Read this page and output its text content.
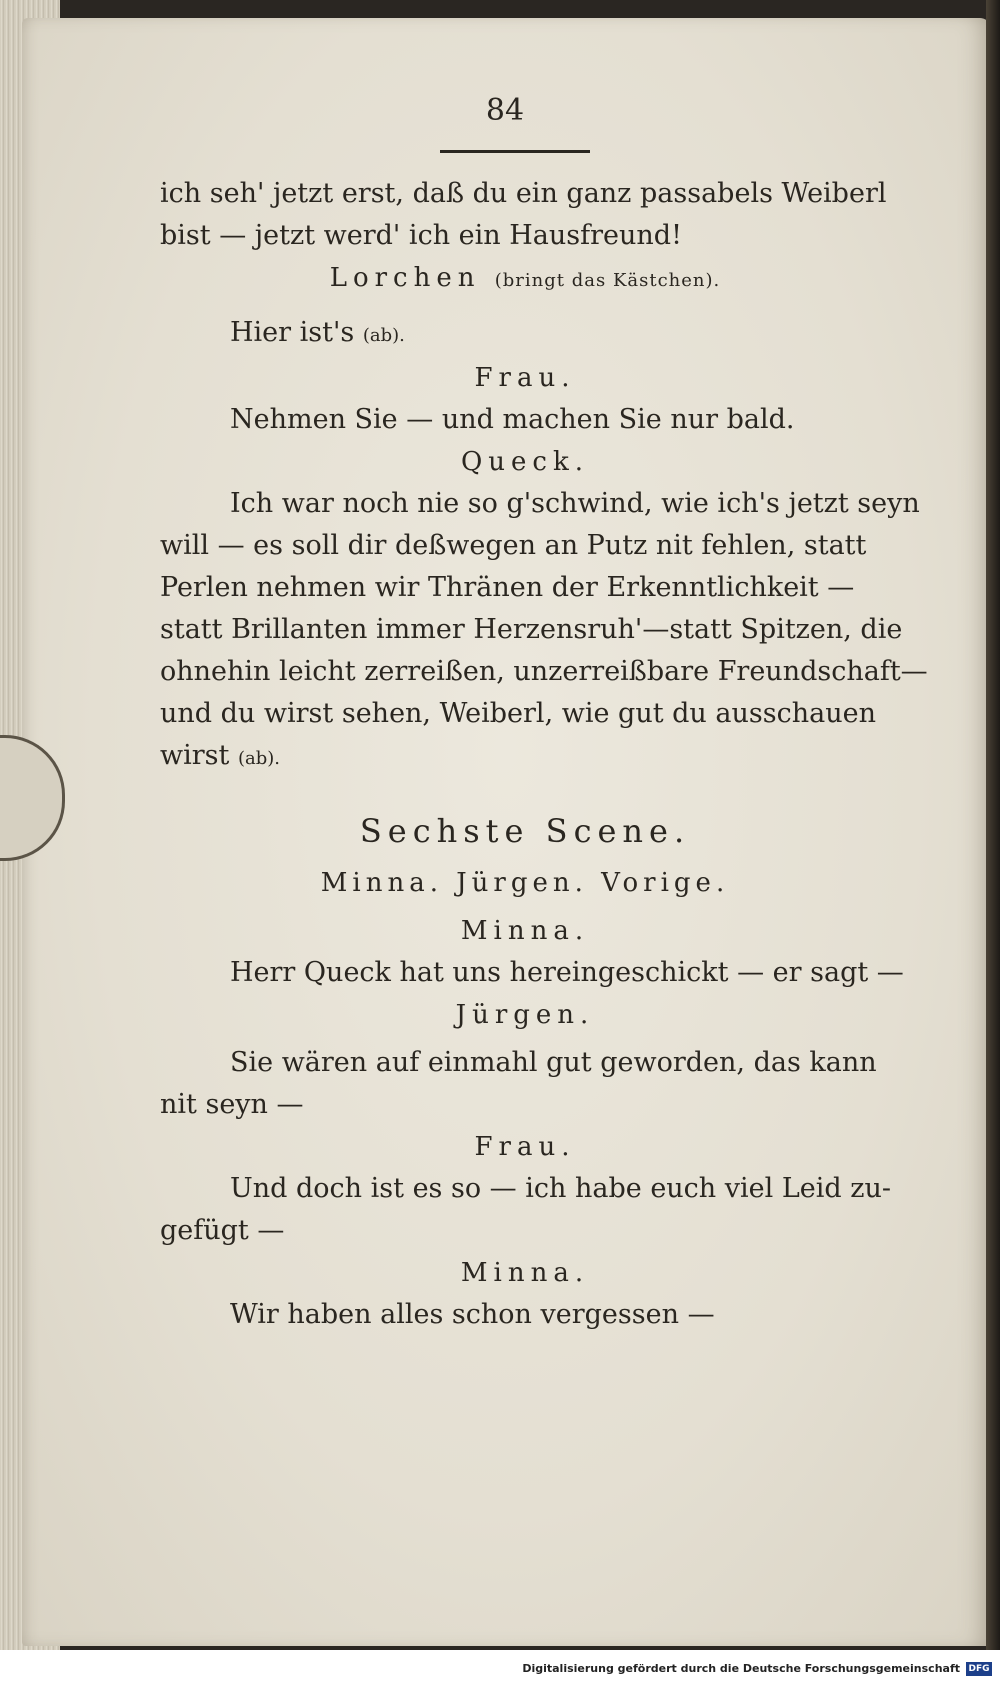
84
ich seh' jetzt erst, daß du ein ganz passabels Weiberl
bist — jetzt werd' ich ein Hausfreund!
Lorchen (bringt das Kästchen).
Hier ist's (ab).
Frau.
Nehmen Sie — und machen Sie nur bald.
Queck.
Ich war noch nie so g'schwind, wie ich's jetzt seyn
will — es soll dir deßwegen an Putz nit fehlen, statt
Perlen nehmen wir Thränen der Erkenntlichkeit —
statt Brillanten immer Herzensruh'—statt Spitzen, die
ohnehin leicht zerreißen, unzerreißbare Freundschaft—
und du wirst sehen, Weiberl, wie gut du ausschauen
wirst (ab).
Sechste Scene.
Minna. Jürgen. Vorige.
Minna.
Herr Queck hat uns hereingeschickt — er sagt —
Jürgen.
Sie wären auf einmahl gut geworden, das kann
nit seyn —
Frau.
Und doch ist es so — ich habe euch viel Leid zu-
gefügt —
Minna.
Wir haben alles schon vergessen —
Digitalisierung gefördert durch die Deutsche Forschungsgemeinschaft DFG
